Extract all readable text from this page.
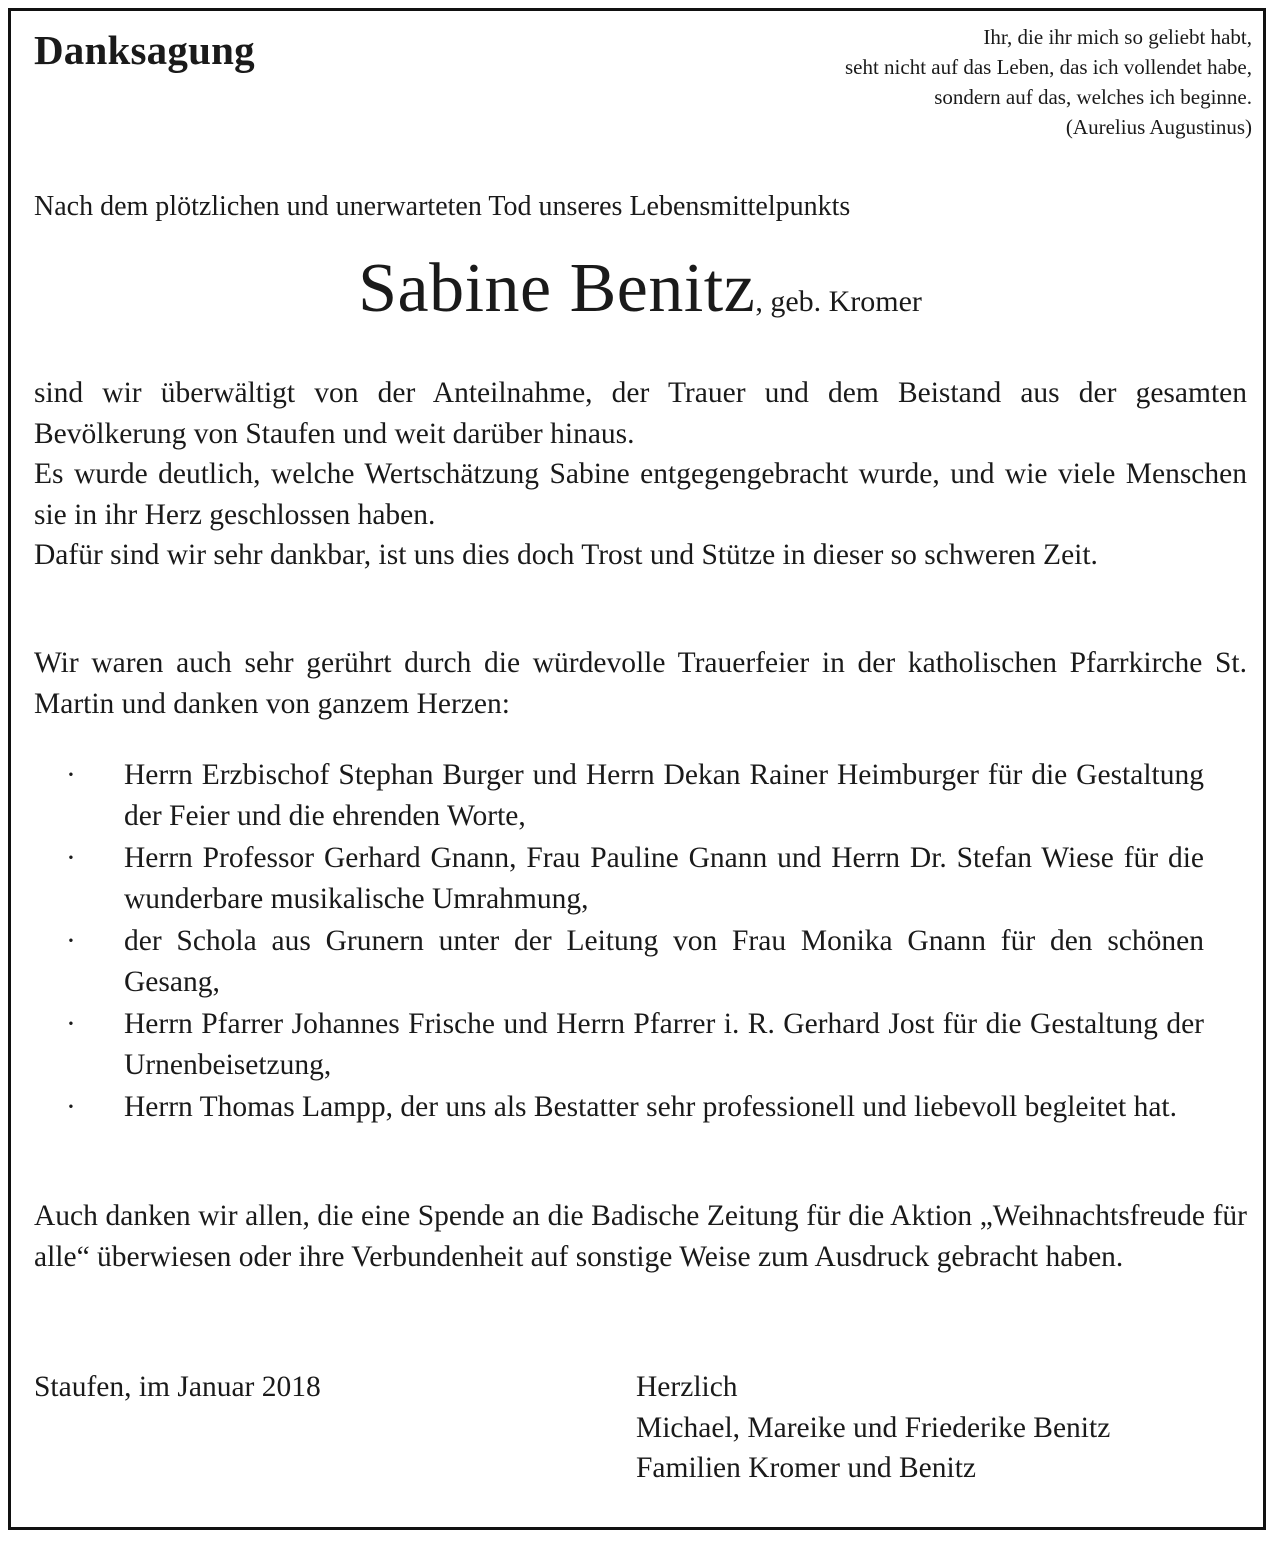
Danksagung	Ihr, die ihr mich so geliebt habt,
seht nicht auf das Leben, das ich vollendet habe,
sondern auf das, welches ich beginne.
(Aurelius Augustinus)
Nach dem plötzlichen und unerwarteten Tod unseres Lebensmittelpunkts
Sabine Benitz, geb. Kromer
sind wir überwältigt von der Anteilnahme, der Trauer und dem Beistand aus der gesamten Bevölkerung von Staufen und weit darüber hinaus.
Es wurde deutlich, welche Wertschätzung Sabine entgegengebracht wurde, und wie viele Menschen sie in ihr Herz geschlossen haben.
Dafür sind wir sehr dankbar, ist uns dies doch Trost und Stütze in dieser so schweren Zeit.
Wir waren auch sehr gerührt durch die würdevolle Trauerfeier in der katholischen Pfarrkirche St. Martin und danken von ganzem Herzen:
· Herrn Erzbischof Stephan Burger und Herrn Dekan Rainer Heimburger für die Gestaltung der Feier und die ehrenden Worte,
· Herrn Professor Gerhard Gnann, Frau Pauline Gnann und Herrn Dr. Stefan Wiese für die wunderbare musikalische Umrahmung,
· der Schola aus Grunern unter der Leitung von Frau Monika Gnann für den schönen Gesang,
· Herrn Pfarrer Johannes Frische und Herrn Pfarrer i. R. Gerhard Jost für die Gestaltung der Urnenbeisetzung,
· Herrn Thomas Lampp, der uns als Bestatter sehr professionell und liebevoll begleitet hat.
Auch danken wir allen, die eine Spende an die Badische Zeitung für die Aktion „Weihnachtsfreude für alle“ überwiesen oder ihre Verbundenheit auf sonstige Weise zum Ausdruck gebracht haben.
Staufen, im Januar 2018	Herzlich
Michael, Mareike und Friederike Benitz
Familien Kromer und Benitz
